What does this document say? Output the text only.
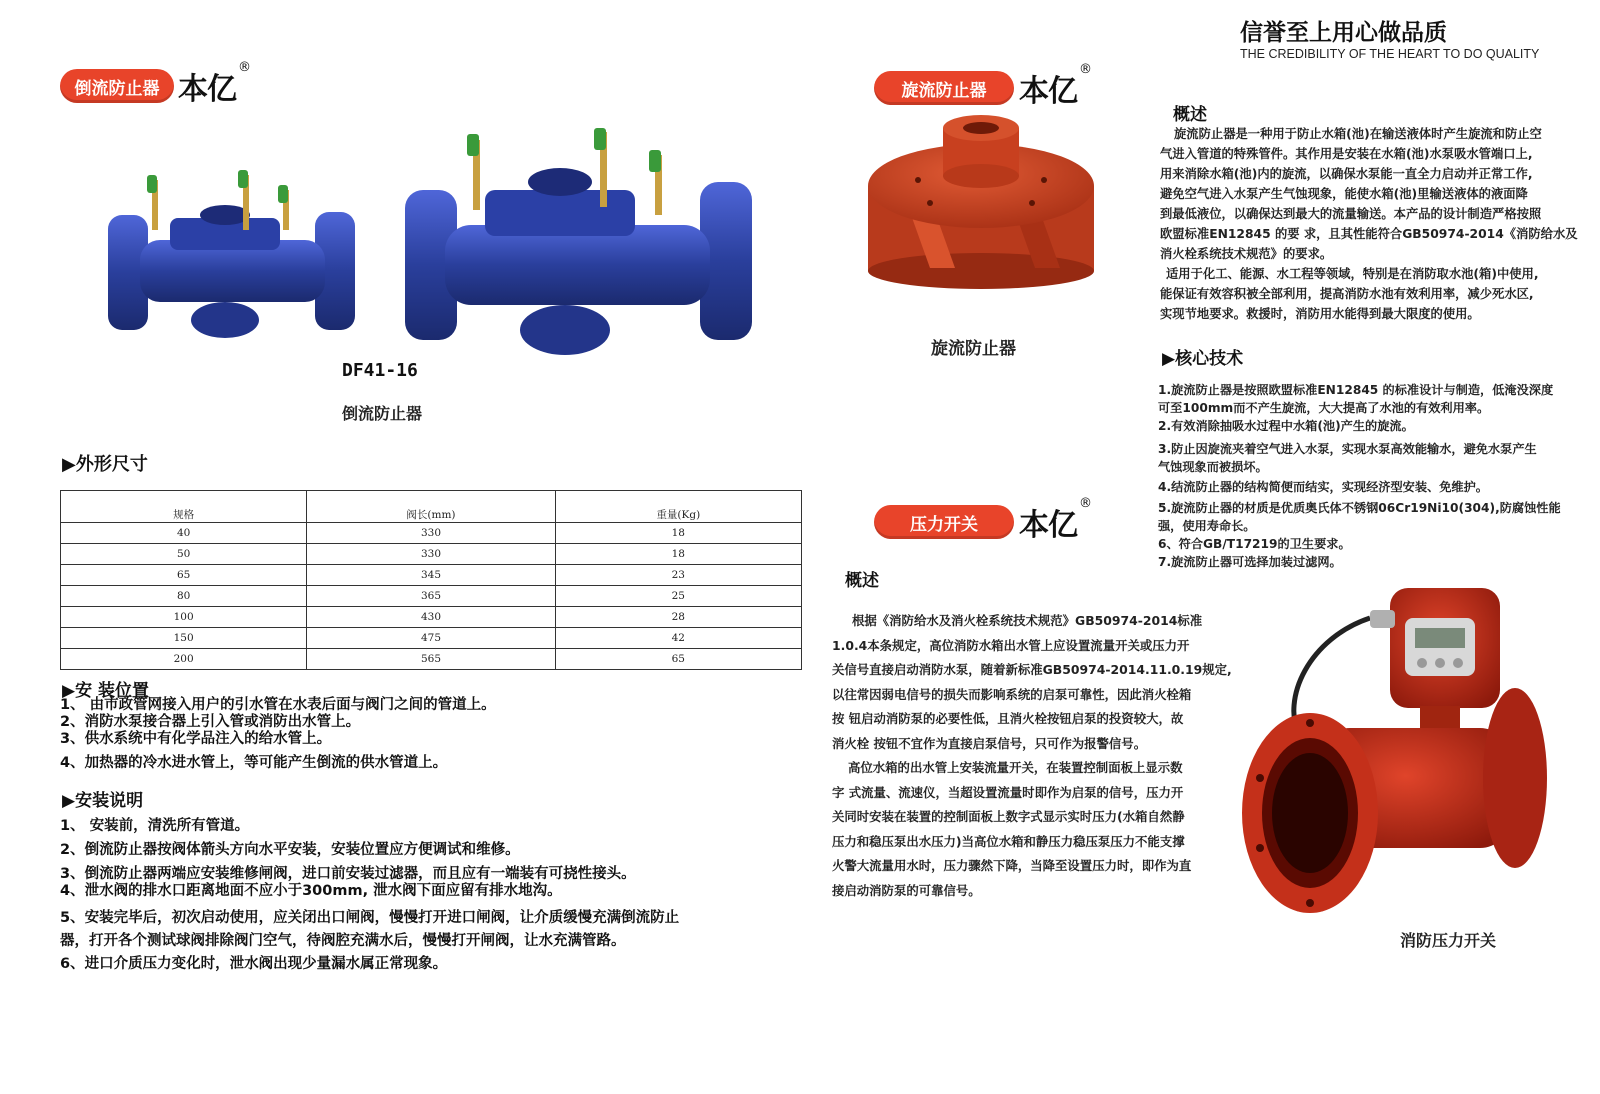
信誉至上用心做品质
THE CREDIBILITY OF THE HEART TO DO QUALITY
倒流防止器 本亿®
DF41-16
倒流防止器
▶外形尺寸
规格	阀长(mm)	重量(Kg)
40	330	18
50	330	18
65	345	23
80	365	25
100	430	28
150	475	42
200	565	65
▶安 装位置
1、 由市政管网接入用户的引水管在水表后面与阀门之间的管道上。
2、消防水泵接合器上引入管或消防出水管上。
3、供水系统中有化学品注入的给水管上。
4、加热器的冷水进水管上，等可能产生倒流的供水管道上。
▶安装说明
1、 安装前，清洗所有管道。
2、倒流防止器按阀体箭头方向水平安装，安装位置应方便调试和维修。
3、倒流防止器两端应安装维修闸阀，进口前安装过滤器，而且应有一端装有可挠性接头。
4、泄水阀的排水口距离地面不应小于300mm, 泄水阀下面应留有排水地沟。
5、安装完毕后，初次启动使用，应关闭出口闸阀，慢慢打开进口闸阀，让介质缓慢充满倒流防止
器，打开各个测试球阀排除阀门空气，待阀腔充满水后，慢慢打开闸阀，让水充满管路。
6、进口介质压力变化时，泄水阀出现少量漏水属正常现象。
旋流防止器	本亿®
旋流防止器
概述
旋流防止器是一种用于防止水箱(池)在输送液体时产生旋流和防止空
气进入管道的特殊管件。其作用是安装在水箱(池)水泵吸水管端口上,
用来消除水箱(池)内的旋流，以确保水泵能一直全力启动并正常工作,
避免空气进入水泵产生气蚀现象，能使水箱(池)里输送液体的液面降
到最低液位，以确保达到最大的流量输送。本产品的设计制造严格按照
欧盟标准EN12845 的要 求，且其性能符合GB50974-2014《消防给水及
消火栓系统技术规范》的要求。
适用于化工、能源、水工程等领域，特别是在消防取水池(箱)中使用,
能保证有效容积被全部利用，提高消防水池有效利用率，减少死水区,
实现节地要求。救援时，消防用水能得到最大限度的使用。
▶核心技术
1.旋流防止器是按照欧盟标准EN12845 的标准设计与制造，低淹没深度
可至100mm而不产生旋流，大大提高了水池的有效利用率。
2.有效消除抽吸水过程中水箱(池)产生的旋流。
3.防止因旋流夹着空气进入水泵，实现水泵高效能输水，避免水泵产生
气蚀现象而被损坏。
4.结流防止器的结构简便而结实，实现经济型安装、免维护。
5.旋流防止器的材质是优质奥氏体不锈钢06Cr19Ni10(304),防腐蚀性能
强，使用寿命长。
6、符合GB/T17219的卫生要求。
7.旋流防止器可选择加装过滤网。
压力开关	本亿®
概述
根据《消防给水及消火栓系统技术规范》GB50974-2014标准
1.0.4本条规定，高位消防水箱出水管上应设置流量开关或压力开
关信号直接启动消防水泵，随着新标准GB50974-2014.11.0.19规定,
以往常因弱电信号的损失而影响系统的启泵可靠性，因此消火栓箱
按 钮启动消防泵的必要性低，且消火栓按钮启泵的投资较大，故
消火栓 按钮不宜作为直接启泵信号，只可作为报警信号。
高位水箱的出水管上安装流量开关，在装置控制面板上显示数
字 式流量、流速仪，当超设置流量时即作为启泵的信号，压力开
关同时安装在装置的控制面板上数字式显示实时压力(水箱自然静
压力和稳压泵出水压力)当高位水箱和静压力稳压泵压力不能支撑
火警大流量用水时，压力骤然下降，当降至设置压力时，即作为直
接启动消防泵的可靠信号。
消防压力开关
